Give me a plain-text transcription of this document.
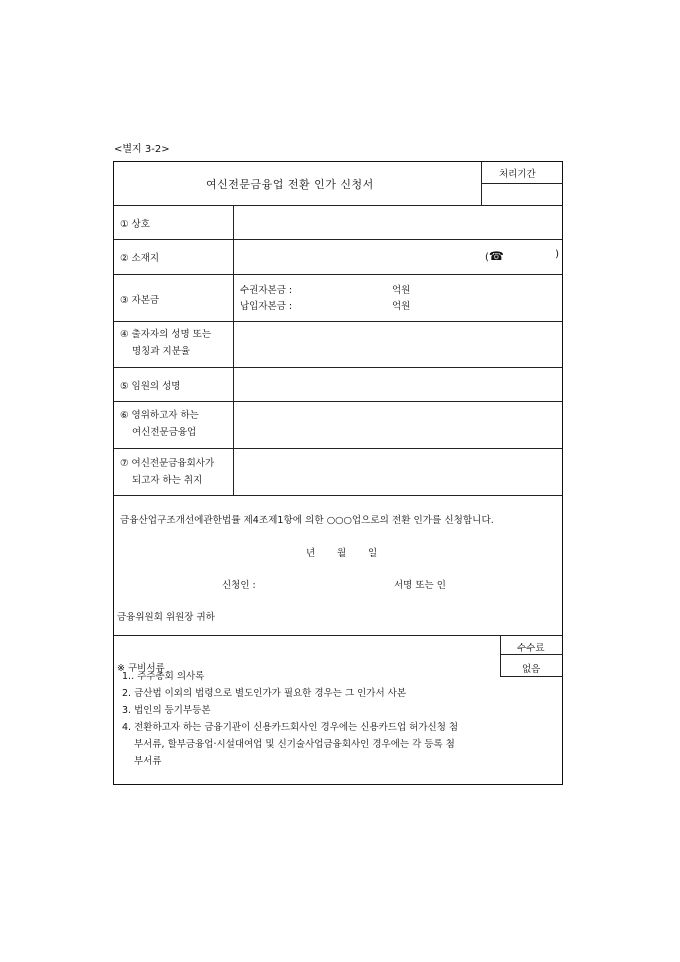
<별지 3-2>
여신전문금융업 전환 인가 신청서
처리기간
① 상호
② 소재지	(☎	)
③ 자본금
수권자본금 :	억원
납입자본금 :	억원
④ 출자자의 성명 또는
명칭과 지분율
⑤ 임원의 성명
⑥ 영위하고자 하는
여신전문금융업
⑦ 여신전문금융회사가
되고자 하는 취지
금융산업구조개선에관한법률 제4조제1항에 의한 ○○○업으로의 전환 인가를 신청합니다.
년 월 일
신청인 :	서명 또는 인
금융위원회 위원장 귀하
수수료
없음
※ 구비서류
1.. 주주총회 의사록
2. 금산법 이외의 법령으로 별도인가가 필요한 경우는 그 인가서 사본
3. 법인의 등기부등본
4. 전환하고자 하는 금융기관이 신용카드회사인 경우에는 신용카드업 허가신청 첨
부서류, 할부금융업·시설대여업 및 신기술사업금융회사인 경우에는 각 등록 첨
부서류
